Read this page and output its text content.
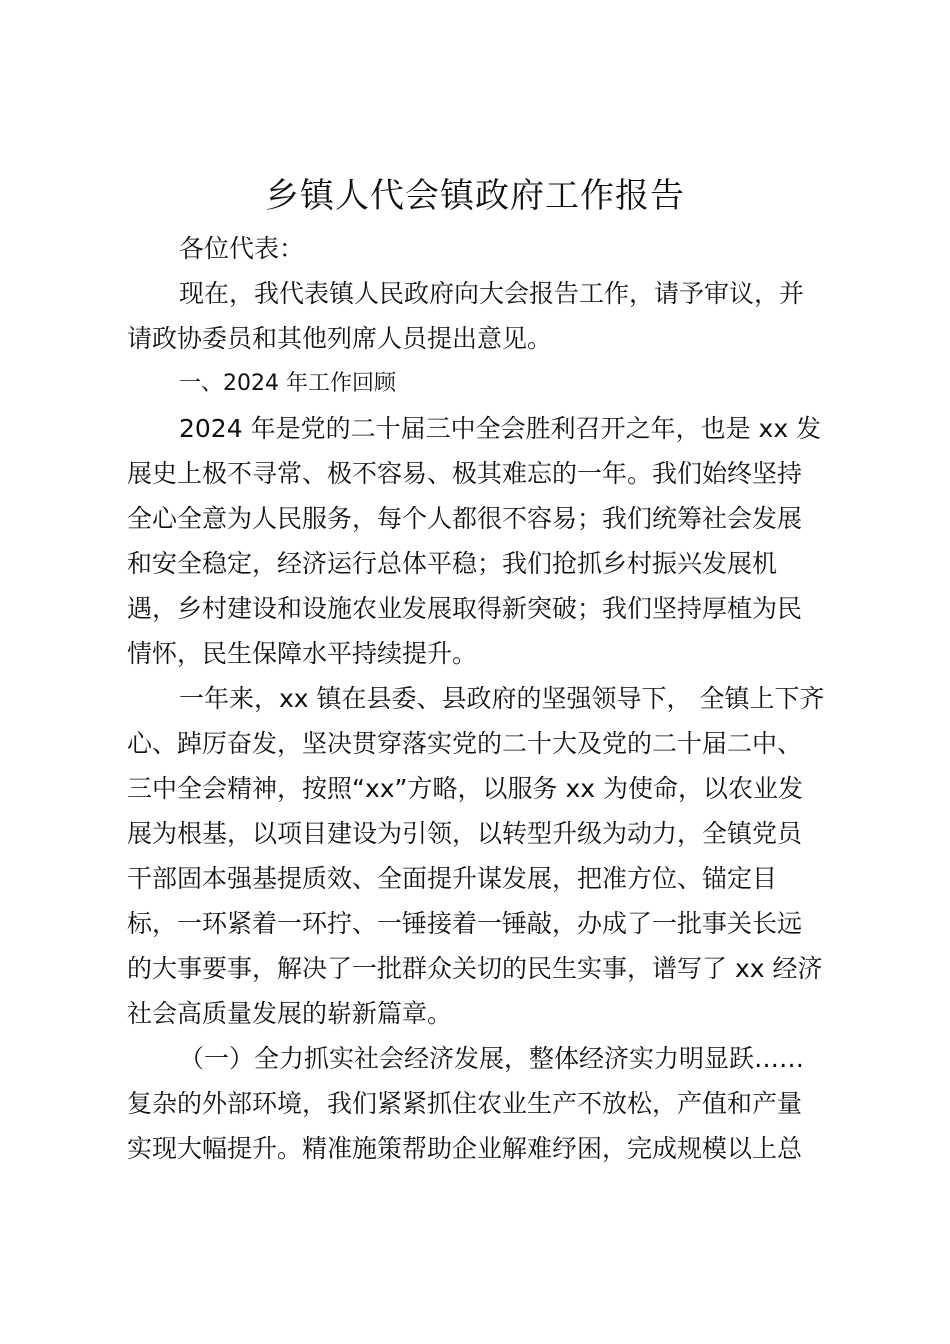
乡镇人代会镇政府工作报告
各位代表：
现在，我代表镇人民政府向大会报告工作，请予审议，并
请政协委员和其他列席人员提出意见。
一、2024 年工作回顾
2024 年是党的二十届三中全会胜利召开之年，也是 xx 发
展史上极不寻常、极不容易、极其难忘的一年。我们始终坚持
全心全意为人民服务，每个人都很不容易；我们统筹社会发展
和安全稳定，经济运行总体平稳；我们抢抓乡村振兴发展机
遇，乡村建设和设施农业发展取得新突破；我们坚持厚植为民
情怀，民生保障水平持续提升。
一年来，xx 镇在县委、县政府的坚强领导下， 全镇上下齐
心、踔厉奋发，坚决贯穿落实党的二十大及党的二十届二中、
三中全会精神，按照“xx”方略，以服务 xx 为使命，以农业发
展为根基，以项目建设为引领，以转型升级为动力，全镇党员
干部固本强基提质效、全面提升谋发展，把准方位、锚定目
标，一环紧着一环拧、一锤接着一锤敲，办成了一批事关长远
的大事要事，解决了一批群众关切的民生实事，谱写了 xx 经济
社会高质量发展的崭新篇章。
（一）全力抓实社会经济发展，整体经济实力明显跃……
复杂的外部环境，我们紧紧抓住农业生产不放松，产值和产量
实现大幅提升。精准施策帮助企业解难纾困，完成规模以上总
